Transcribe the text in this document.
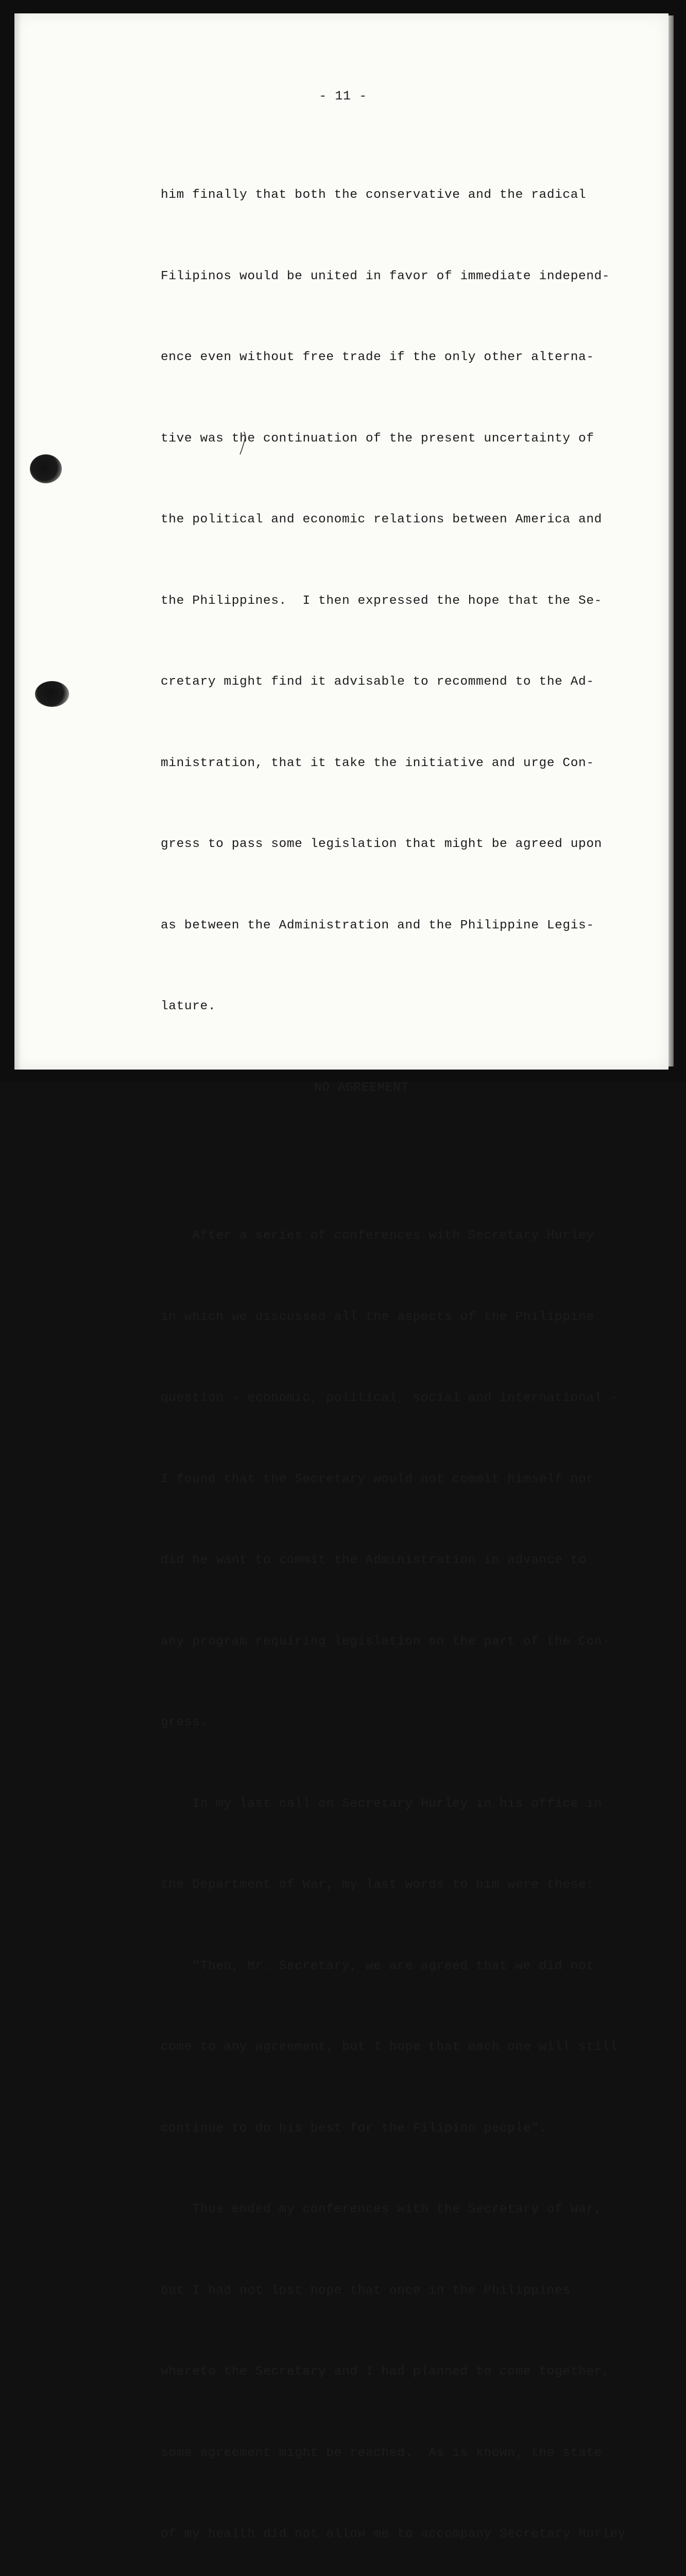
- 11 -

him finally that both the conservative and the radical

Filipinos would be united in favor of immediate independ-

ence even without free trade if the only other alterna-

tive was the continuation of the present uncertainty of

the political and economic relations between America and

the Philippines.  I then expressed the hope that the Se-

cretary might find it advisable to recommend to the Ad-

ministration, that it take the initiative and urge Con-

gress to pass some legislation that might be agreed upon

as between the Administration and the Philippine Legis-

lature.

NO AGREEMENT

After a series of conferences with Secretary Hurley

in which we discussed all the aspects of the Philippine

question - economic, political, social and international -

I found that the Secretary would not commit himself nor

did he want to commit the Administration in advance to

any program requiring legislation on the part of the Con-

gress.

In my last call on Secretary Hurley in his office in

the Department of War, my last words to him were these:

"Then, Mr. Secretary, we are agreed that we did not

come to any agreement, but I hope that each one will still

continue to do his best for the Filipino people".

Thus ended my conferences with the Secretary of War,

but I had not lost hope that once in the Philippines

whereto the Secretary and I had planned to come together,

some agreement might be reached.  As is known, the state

of my health did not allow me to accompany Secretary Hurley
